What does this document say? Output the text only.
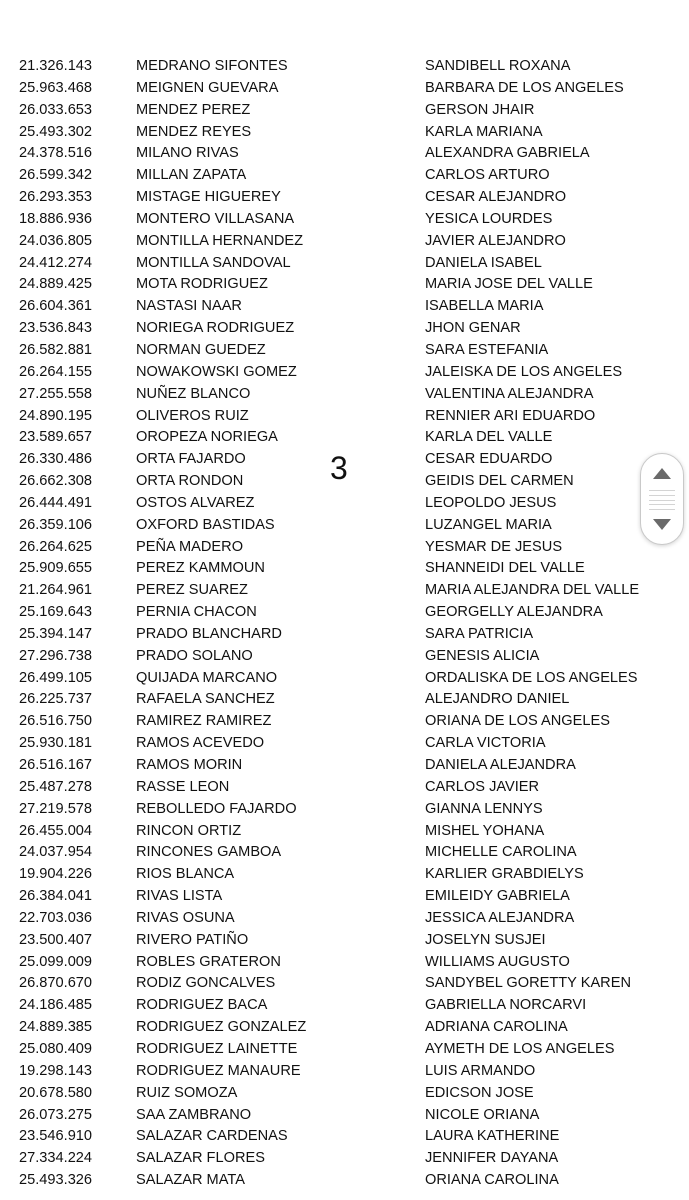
21.326.143	MEDRANO SIFONTES	SANDIBELL ROXANA
25.963.468	MEIGNEN GUEVARA	BARBARA DE LOS ANGELES
26.033.653	MENDEZ PEREZ	GERSON JHAIR
25.493.302	MENDEZ REYES	KARLA MARIANA
24.378.516	MILANO RIVAS	ALEXANDRA GABRIELA
26.599.342	MILLAN ZAPATA	CARLOS ARTURO
26.293.353	MISTAGE HIGUEREY	CESAR ALEJANDRO
18.886.936	MONTERO VILLASANA	YESICA LOURDES
24.036.805	MONTILLA HERNANDEZ	JAVIER ALEJANDRO
24.412.274	MONTILLA SANDOVAL	DANIELA ISABEL
24.889.425	MOTA RODRIGUEZ	MARIA JOSE DEL VALLE
26.604.361	NASTASI NAAR	ISABELLA MARIA
23.536.843	NORIEGA RODRIGUEZ	JHON GENAR
26.582.881	NORMAN GUEDEZ	SARA ESTEFANIA
26.264.155	NOWAKOWSKI GOMEZ	JALEISKA DE LOS ANGELES
27.255.558	NUÑEZ BLANCO	VALENTINA ALEJANDRA
24.890.195	OLIVEROS RUIZ	RENNIER ARI EDUARDO
23.589.657	OROPEZA NORIEGA	KARLA DEL VALLE
26.330.486	ORTA FAJARDO	CESAR EDUARDO
26.662.308	ORTA RONDON	GEIDIS DEL CARMEN
26.444.491	OSTOS ALVAREZ	LEOPOLDO JESUS
26.359.106	OXFORD BASTIDAS	LUZANGEL MARIA
26.264.625	PEÑA MADERO	YESMAR DE JESUS
25.909.655	PEREZ KAMMOUN	SHANNEIDI DEL VALLE
21.264.961	PEREZ SUAREZ	MARIA ALEJANDRA DEL VALLE
25.169.643	PERNIA CHACON	GEORGELLY ALEJANDRA
25.394.147	PRADO BLANCHARD	SARA PATRICIA
27.296.738	PRADO SOLANO	GENESIS ALICIA
26.499.105	QUIJADA MARCANO	ORDALISKA DE LOS ANGELES
26.225.737	RAFAELA SANCHEZ	ALEJANDRO DANIEL
26.516.750	RAMIREZ RAMIREZ	ORIANA DE LOS ANGELES
25.930.181	RAMOS ACEVEDO	CARLA VICTORIA
26.516.167	RAMOS MORIN	DANIELA ALEJANDRA
25.487.278	RASSE LEON	CARLOS JAVIER
27.219.578	REBOLLEDO FAJARDO	GIANNA LENNYS
26.455.004	RINCON ORTIZ	MISHEL YOHANA
24.037.954	RINCONES GAMBOA	MICHELLE CAROLINA
19.904.226	RIOS BLANCA	KARLIER GRABDIELYS
26.384.041	RIVAS LISTA	EMILEIDY GABRIELA
22.703.036	RIVAS OSUNA	JESSICA ALEJANDRA
23.500.407	RIVERO PATIÑO	JOSELYN SUSJEI
25.099.009	ROBLES GRATERON	WILLIAMS AUGUSTO
26.870.670	RODIZ GONCALVES	SANDYBEL GORETTY KAREN
24.186.485	RODRIGUEZ BACA	GABRIELLA NORCARVI
24.889.385	RODRIGUEZ GONZALEZ	ADRIANA CAROLINA
25.080.409	RODRIGUEZ LAINETTE	AYMETH DE LOS ANGELES
19.298.143	RODRIGUEZ MANAURE	LUIS ARMANDO
20.678.580	RUIZ SOMOZA	EDICSON JOSE
26.073.275	SAA ZAMBRANO	NICOLE ORIANA
23.546.910	SALAZAR CARDENAS	LAURA KATHERINE
27.334.224	SALAZAR FLORES	JENNIFER DAYANA
25.493.326	SALAZAR MATA	ORIANA CAROLINA
3
